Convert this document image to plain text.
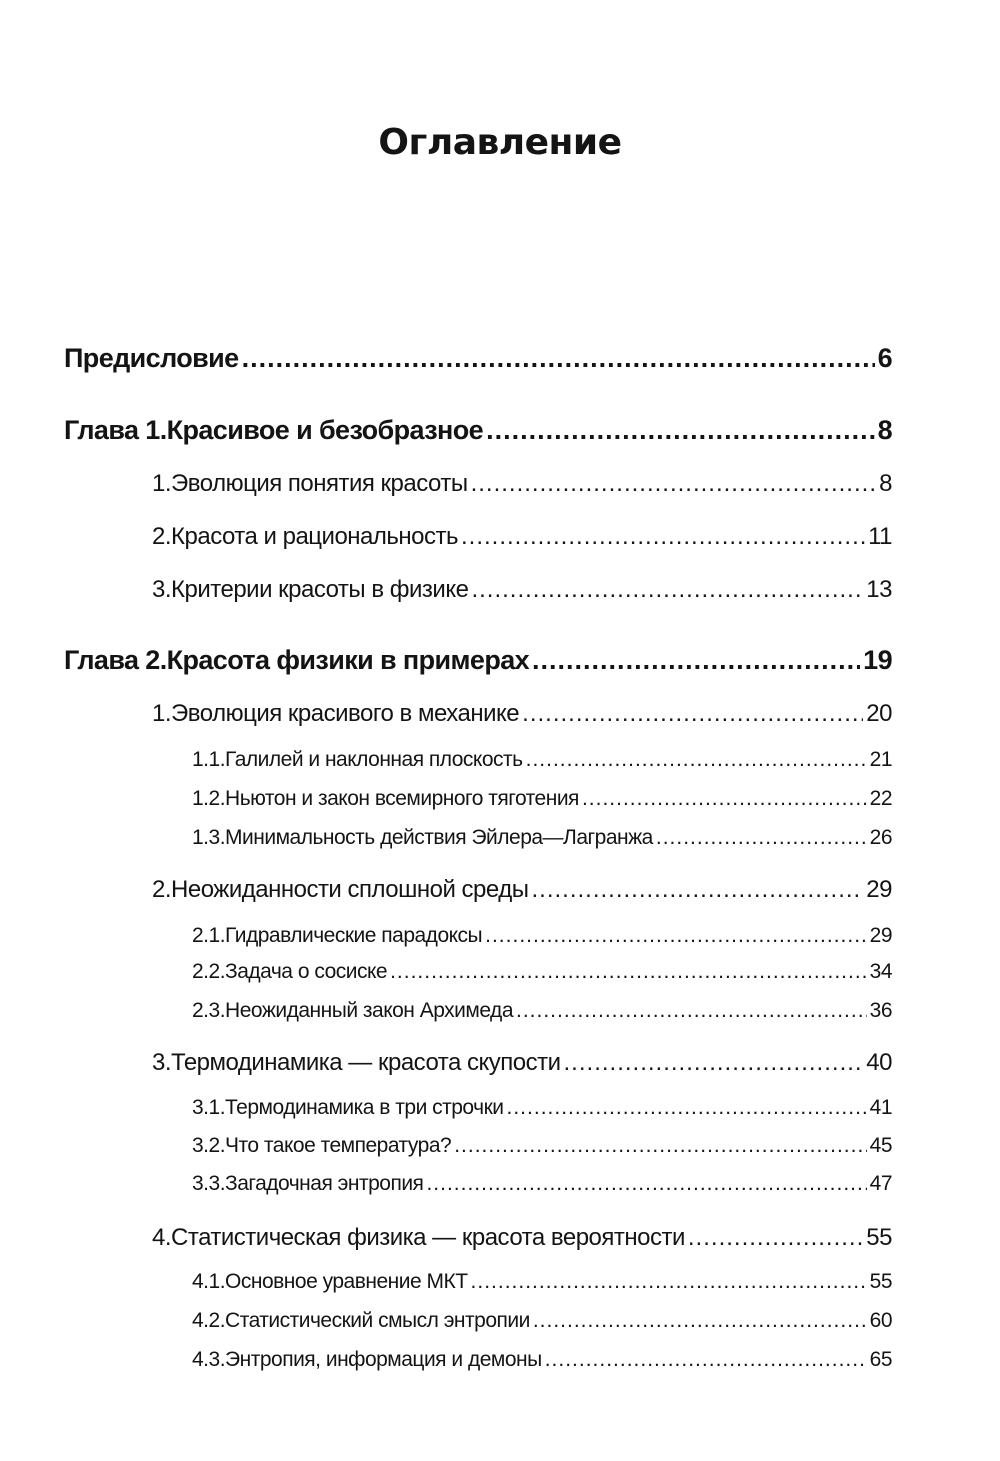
Оглавление
Предисловие .....	6
Глава 1. Красивое и безобразное .....	8
1. Эволюция понятия красоты .....	8
2. Красота и рациональность .....	11
3. Критерии красоты в физике .....	13
Глава 2. Красота физики в примерах .....	19
1. Эволюция красивого в механике .....	20
1.1. Галилей и наклонная плоскость .....	21
1.2. Ньютон и закон всемирного тяготения .....	22
1.3. Минимальность действия Эйлера—Лагранжа .....	26
2. Неожиданности сплошной среды .....	29
2.1. Гидравлические парадоксы .....	29
2.2. Задача о сосиске .....	34
2.3. Неожиданный закон Архимеда .....	36
3. Термодинамика — красота скупости .....	40
3.1. Термодинамика в три строчки .....	41
3.2. Что такое температура? .....	45
3.3. Загадочная энтропия .....	47
4. Статистическая физика — красота вероятности .....	55
4.1. Основное уравнение МКТ .....	55
4.2. Статистический смысл энтропии .....	60
4.3. Энтропия, информация и демоны .....	65
